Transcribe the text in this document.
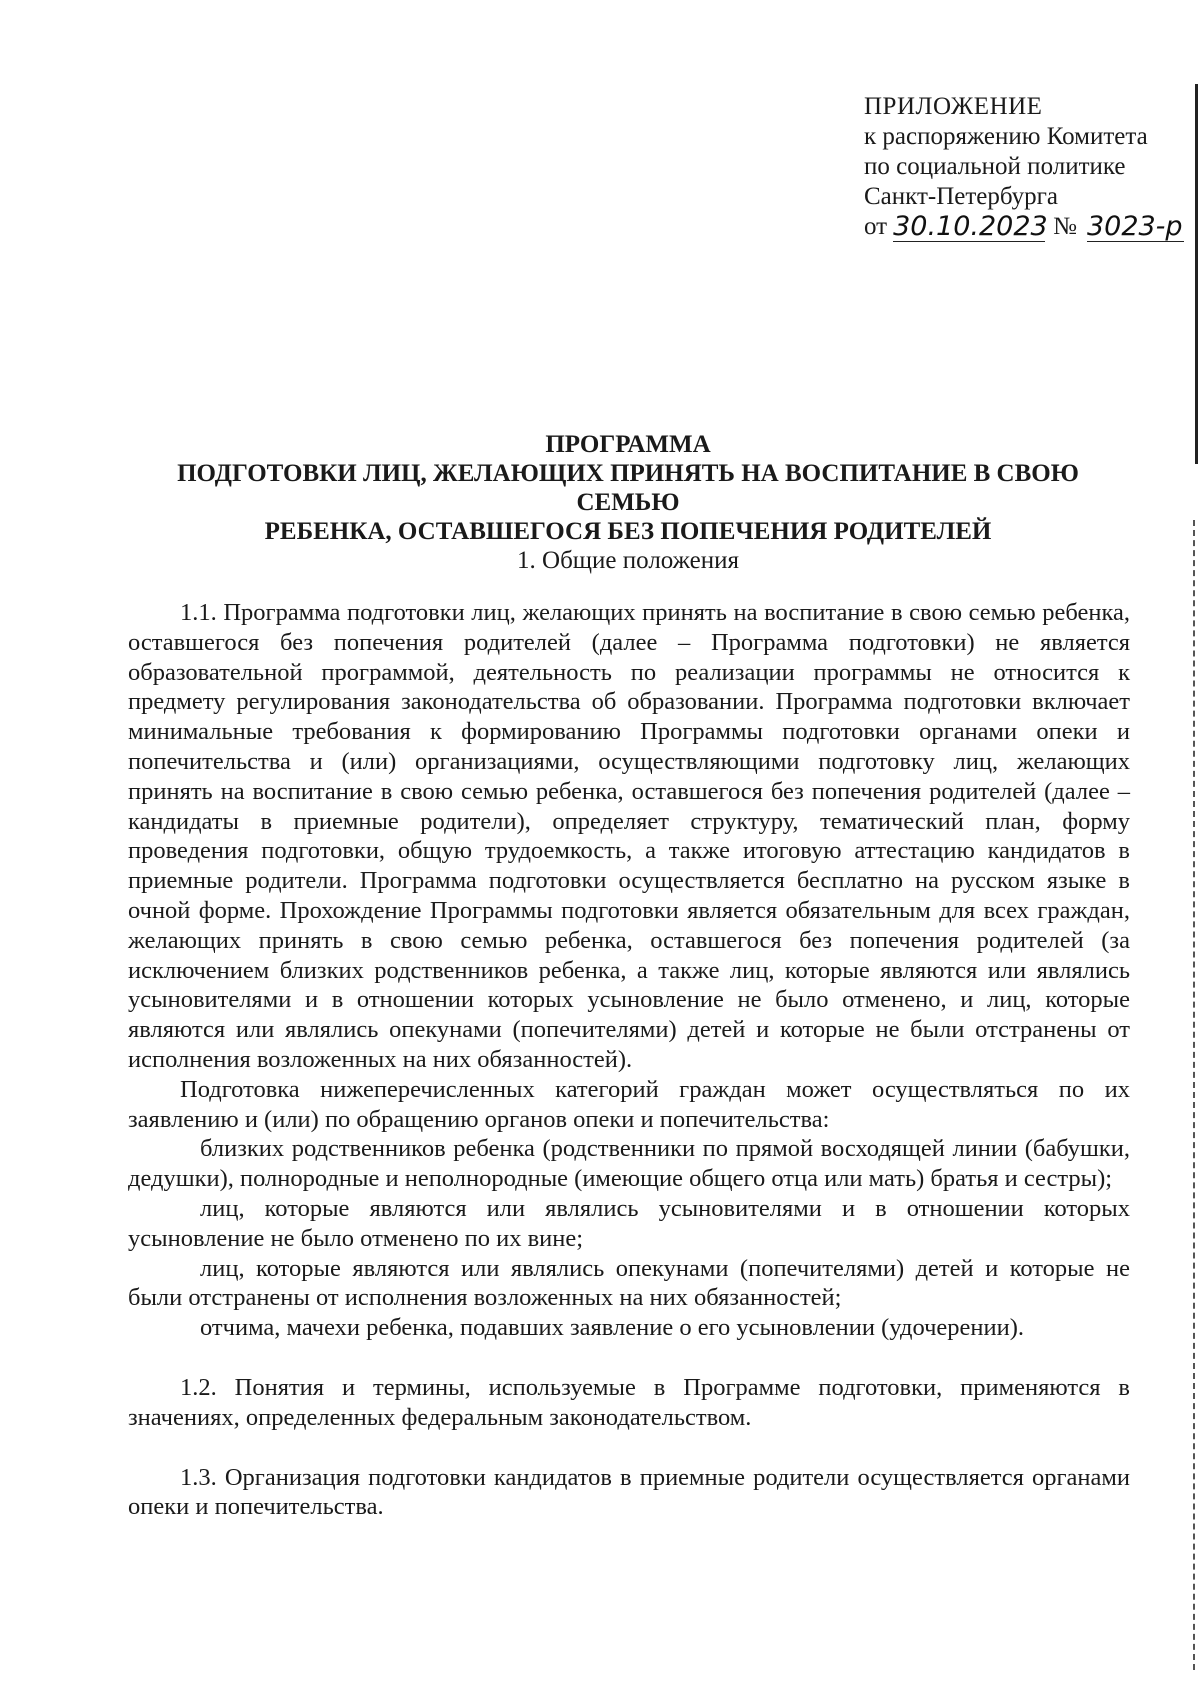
ПРИЛОЖЕНИЕ
к распоряжению Комитета
по социальной политике
Санкт-Петербурга
от 30.10.2023 № 3023-р
ПРОГРАММА
ПОДГОТОВКИ ЛИЦ, ЖЕЛАЮЩИХ ПРИНЯТЬ НА ВОСПИТАНИЕ В СВОЮ СЕМЬЮ
РЕБЕНКА, ОСТАВШЕГОСЯ БЕЗ ПОПЕЧЕНИЯ РОДИТЕЛЕЙ
1. Общие положения

1.1. Программа подготовки лиц, желающих принять на воспитание в свою семью ребенка, оставшегося без попечения родителей (далее – Программа подготовки) не является образовательной программой, деятельность по реализации программы не относится к предмету регулирования законодательства об образовании. Программа подготовки включает минимальные требования к формированию Программы подготовки органами опеки и попечительства и (или) организациями, осуществляющими подготовку лиц, желающих принять на воспитание в свою семью ребенка, оставшегося без попечения родителей (далее – кандидаты в приемные родители), определяет структуру, тематический план, форму проведения подготовки, общую трудоемкость, а также итоговую аттестацию кандидатов в приемные родители. Программа подготовки осуществляется бесплатно на русском языке в очной форме. Прохождение Программы подготовки является обязательным для всех граждан, желающих принять в свою семью ребенка, оставшегося без попечения родителей (за исключением близких родственников ребенка, а также лиц, которые являются или являлись усыновителями и в отношении которых усыновление не было отменено, и лиц, которые являются или являлись опекунами (попечителями) детей и которые не были отстранены от исполнения возложенных на них обязанностей).

Подготовка нижеперечисленных категорий граждан может осуществляться по их заявлению и (или) по обращению органов опеки и попечительства:

близких родственников ребенка (родственники по прямой восходящей линии (бабушки, дедушки), полнородные и неполнородные (имеющие общего отца или мать) братья и сестры);

лиц, которые являются или являлись усыновителями и в отношении которых усыновление не было отменено по их вине;

лиц, которые являются или являлись опекунами (попечителями) детей и которые не были отстранены от исполнения возложенных на них обязанностей;

отчима, мачехи ребенка, подавших заявление о его усыновлении (удочерении).

1.2. Понятия и термины, используемые в Программе подготовки, применяются в значениях, определенных федеральным законодательством.

1.3. Организация подготовки кандидатов в приемные родители осуществляется органами опеки и попечительства.
